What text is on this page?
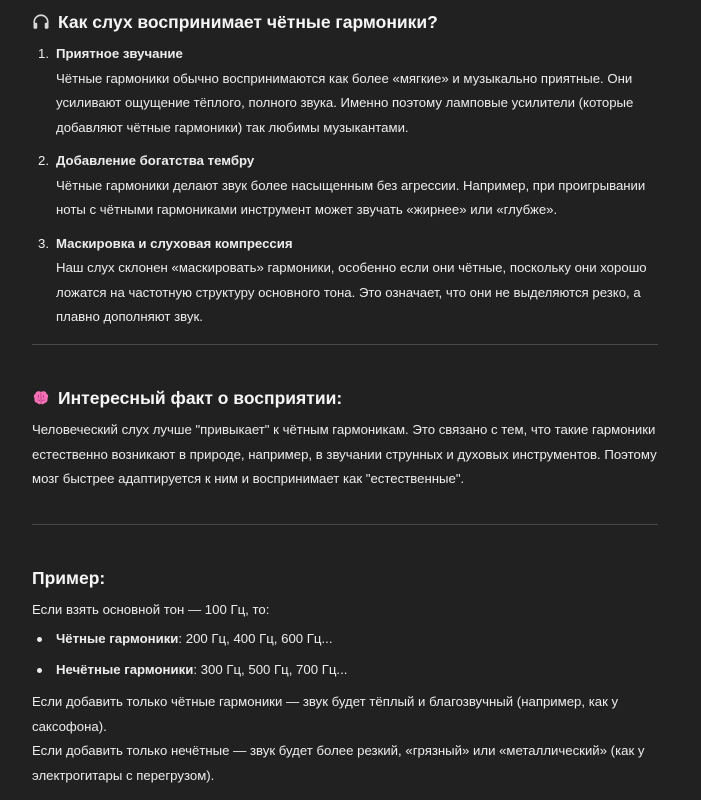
Как слух воспринимает чётные гармоники?
1. Приятное звучание
Чётные гармоники обычно воспринимаются как более «мягкие» и музыкально приятные. Они усиливают ощущение тёплого, полного звука. Именно поэтому ламповые усилители (которые добавляют чётные гармоники) так любимы музыкантами.
2. Добавление богатства тембру
Чётные гармоники делают звук более насыщенным без агрессии. Например, при проигрывании ноты с чётными гармониками инструмент может звучать «жирнее» или «глубже».
3. Маскировка и слуховая компрессия
Наш слух склонен «маскировать» гармоники, особенно если они чётные, поскольку они хорошо ложатся на частотную структуру основного тона. Это означает, что они не выделяются резко, а плавно дополняют звук.
Интересный факт о восприятии:

Человеческий слух лучше "привыкает" к чётным гармоникам. Это связано с тем, что такие гармоники естественно возникают в природе, например, в звучании струнных и духовых инструментов. Поэтому мозг быстрее адаптируется к ним и воспринимает как "естественные".

Пример:

Если взять основной тон — 100 Гц, то:

Чётные гармоники: 200 Гц, 400 Гц, 600 Гц...
Нечётные гармоники: 300 Гц, 500 Гц, 700 Гц...

Если добавить только чётные гармоники — звук будет тёплый и благозвучный (например, как у саксофона).
Если добавить только нечётные — звук будет более резкий, «грязный» или «металлический» (как у электрогитары с перегрузом).
